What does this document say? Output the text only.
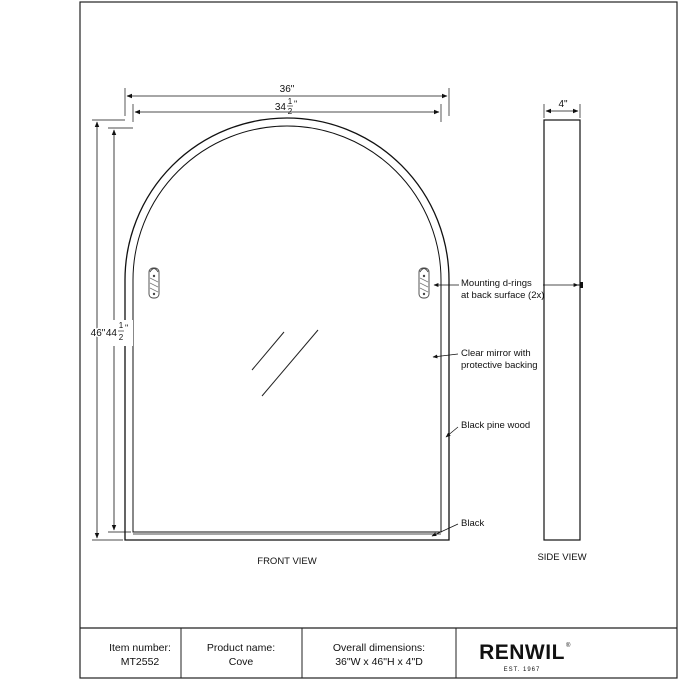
36"
34
1
2
"
46" 44
1
2
"
4"
Mounting d-rings
at back surface (2x)
Clear mirror with
protective backing
Black pine wood
Black
FRONT VIEW	SIDE VIEW
Item number:
MT2552
Product name:
Cove
Overall dimensions:
36"W x 46"H x 4"D	RENWIL ®
EST. 1967
